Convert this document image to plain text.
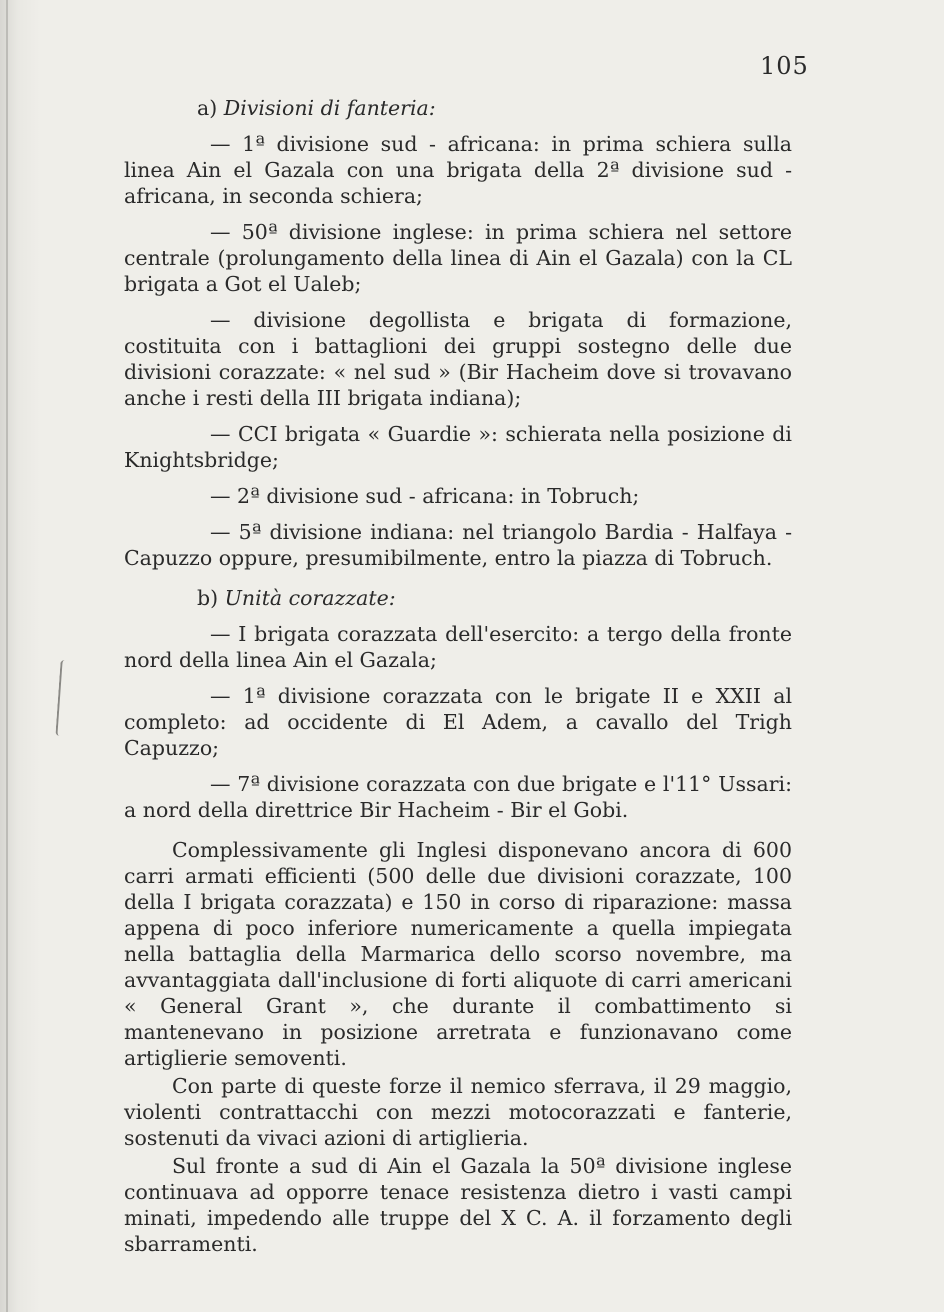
105
a) Divisioni di fanteria:

— 1ª divisione sud - africana: in prima schiera sulla linea Ain el Gazala con una brigata della 2ª divisione sud - africana, in seconda schiera;

— 50ª divisione inglese: in prima schiera nel settore centrale (prolungamento della linea di Ain el Gazala) con la CL brigata a Got el Ualeb;

— divisione degollista e brigata di formazione, costituita con i battaglioni dei gruppi sostegno delle due divisioni corazzate: « nel sud » (Bir Hacheim dove si trovavano anche i resti della III brigata indiana);

— CCI brigata « Guardie »: schierata nella posizione di Knightsbridge;

— 2ª divisione sud - africana: in Tobruch;

— 5ª divisione indiana: nel triangolo Bardia - Halfaya - Capuzzo oppure, presumibilmente, entro la piazza di Tobruch.

b) Unità corazzate:

— I brigata corazzata dell'esercito: a tergo della fronte nord della linea Ain el Gazala;

— 1ª divisione corazzata con le brigate II e XXII al completo: ad occidente di El Adem, a cavallo del Trigh Capuzzo;

— 7ª divisione corazzata con due brigate e l'11° Ussari: a nord della direttrice Bir Hacheim - Bir el Gobi.

Complessivamente gli Inglesi disponevano ancora di 600 carri armati efficienti (500 delle due divisioni corazzate, 100 della I brigata corazzata) e 150 in corso di riparazione: massa appena di poco inferiore numericamente a quella impiegata nella battaglia della Marmarica dello scorso novembre, ma avvantaggiata dall'inclusione di forti aliquote di carri americani « General Grant », che durante il combattimento si mantenevano in posizione arretrata e funzionavano come artiglierie semoventi.

Con parte di queste forze il nemico sferrava, il 29 maggio, violenti contrattacchi con mezzi motocorazzati e fanterie, sostenuti da vivaci azioni di artiglieria.

Sul fronte a sud di Ain el Gazala la 50ª divisione inglese continuava ad opporre tenace resistenza dietro i vasti campi minati, impedendo alle truppe del X C. A. il forzamento degli sbarramenti.
